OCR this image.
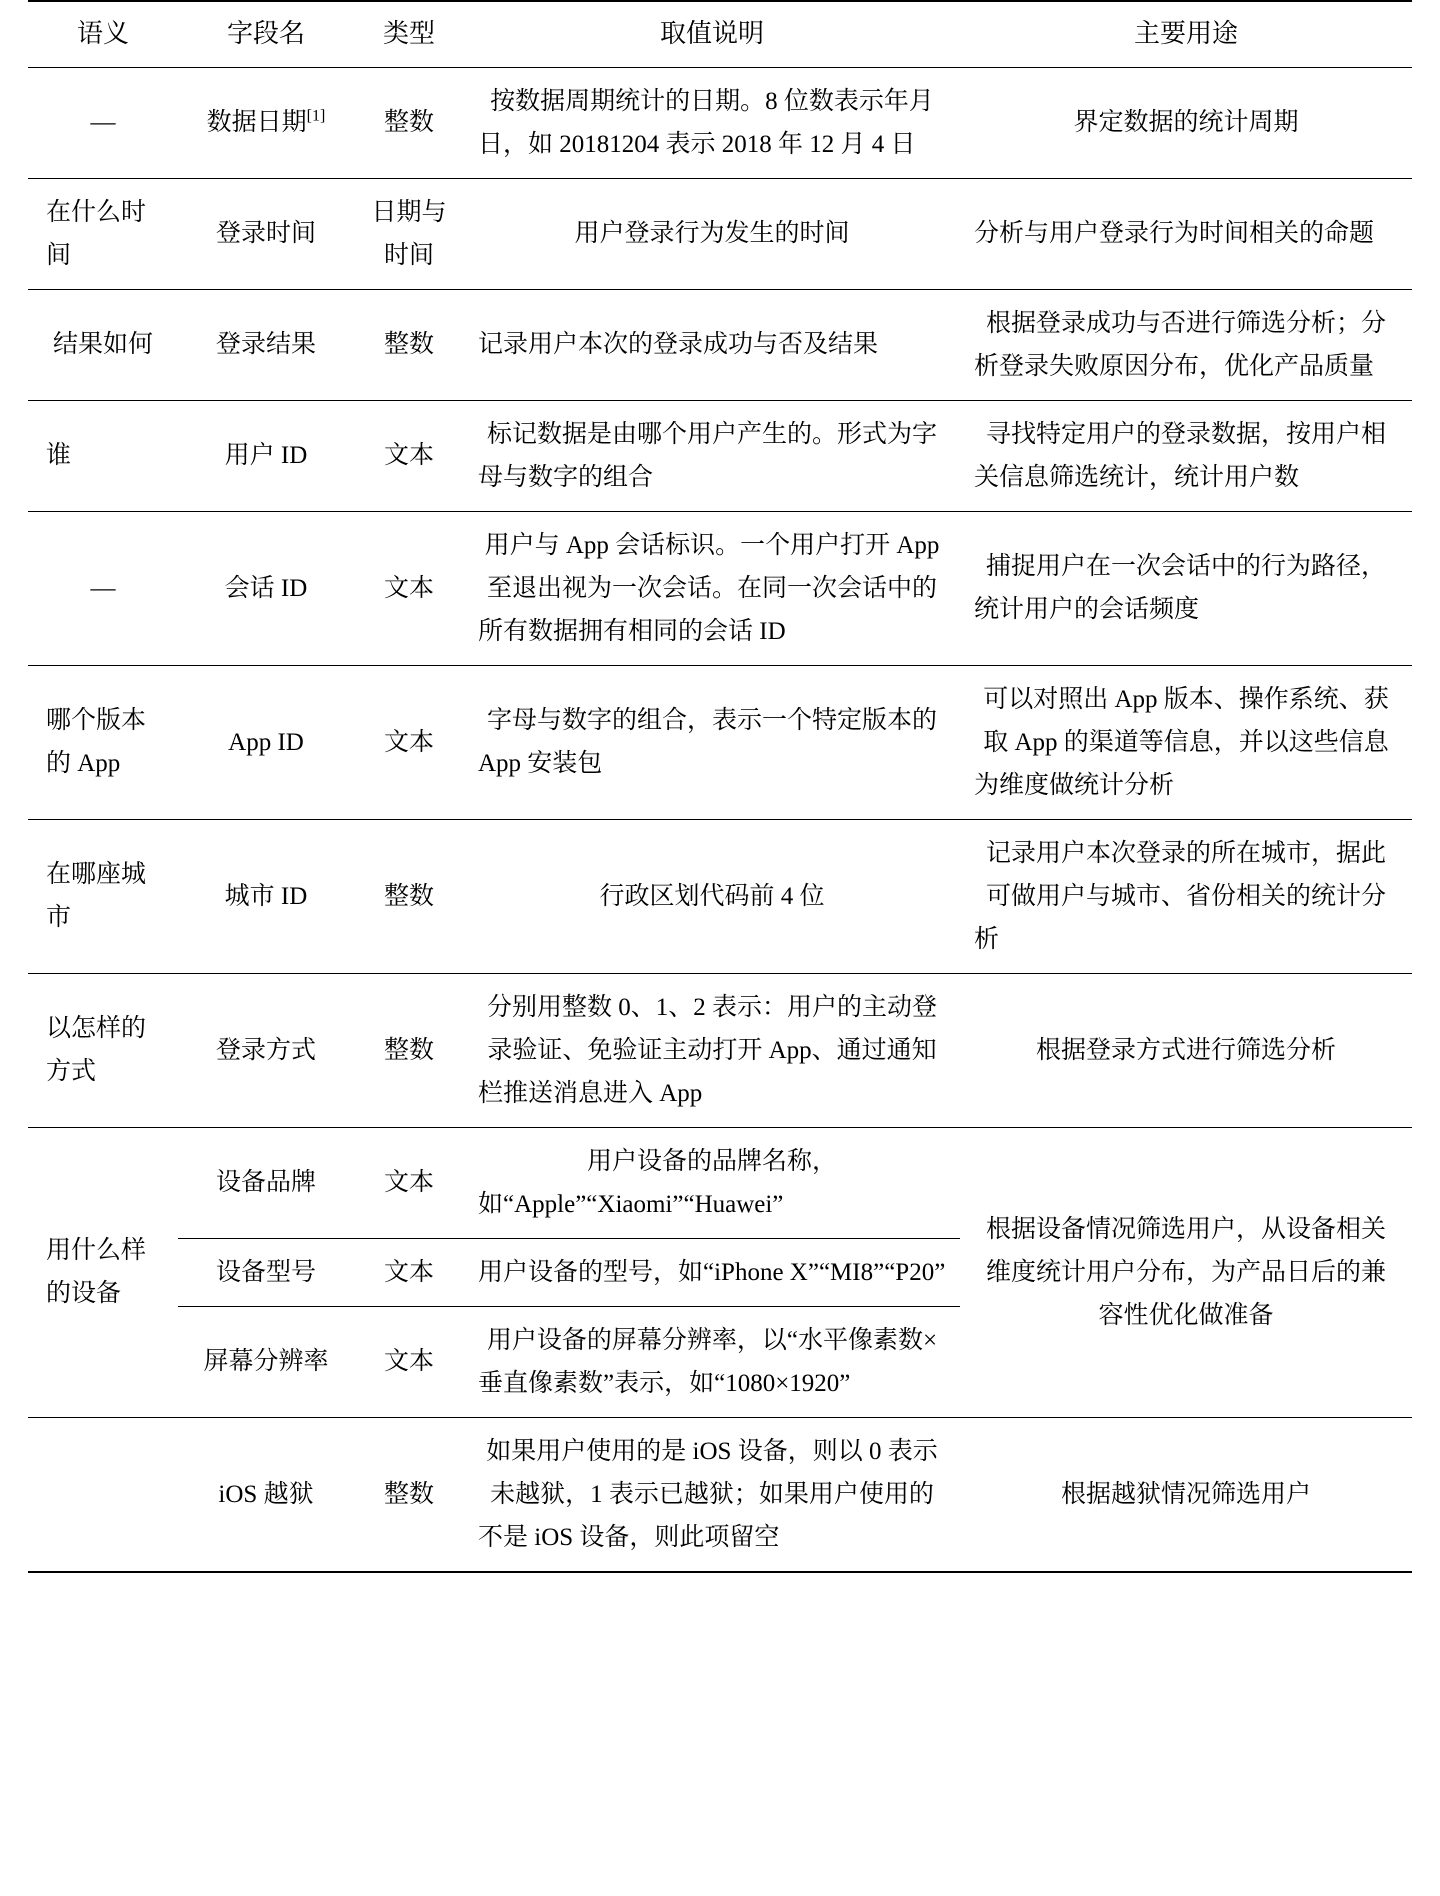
语义	字段名	类型	取值说明	主要用途
—	数据日期[1]	整数	按数据周期统计的日期。8 位数表示年月日，如 20181204 表示 2018 年 12 月 4 日	界定数据的统计周期
在什么时间	登录时间	日期与时间	用户登录行为发生的时间	分析与用户登录行为时间相关的命题
结果如何	登录结果	整数	记录用户本次的登录成功与否及结果	根据登录成功与否进行筛选分析；分析登录失败原因分布，优化产品质量
谁	用户 ID	文本	标记数据是由哪个用户产生的。形式为字母与数字的组合	寻找特定用户的登录数据，按用户相关信息筛选统计，统计用户数
—	会话 ID	文本	用户与 App 会话标识。一个用户打开 App 至退出视为一次会话。在同一次会话中的所有数据拥有相同的会话 ID	捕捉用户在一次会话中的行为路径，统计用户的会话频度
哪个版本的 App	App ID	文本	字母与数字的组合，表示一个特定版本的 App 安装包	可以对照出 App 版本、操作系统、获取 App 的渠道等信息，并以这些信息为维度做统计分析
在哪座城市	城市 ID	整数	行政区划代码前 4 位	记录用户本次登录的所在城市，据此可做用户与城市、省份相关的统计分析
以怎样的方式	登录方式	整数	分别用整数 0、1、2 表示：用户的主动登录验证、免验证主动打开 App、通过通知栏推送消息进入 App	根据登录方式进行筛选分析
用什么样的设备	设备品牌	文本	用户设备的品牌名称，如“Apple”“Xiaomi”“Huawei”	根据设备情况筛选用户，从设备相关维度统计用户分布，为产品日后的兼容性优化做准备
	设备型号	文本	用户设备的型号，如“iPhone X”“MI8”“P20”	
	屏幕分辨率	文本	用户设备的屏幕分辨率，以“水平像素数×垂直像素数”表示，如“1080×1920”	
	iOS 越狱	整数	如果用户使用的是 iOS 设备，则以 0 表示未越狱，1 表示已越狱；如果用户使用的不是 iOS 设备，则此项留空	根据越狱情况筛选用户
